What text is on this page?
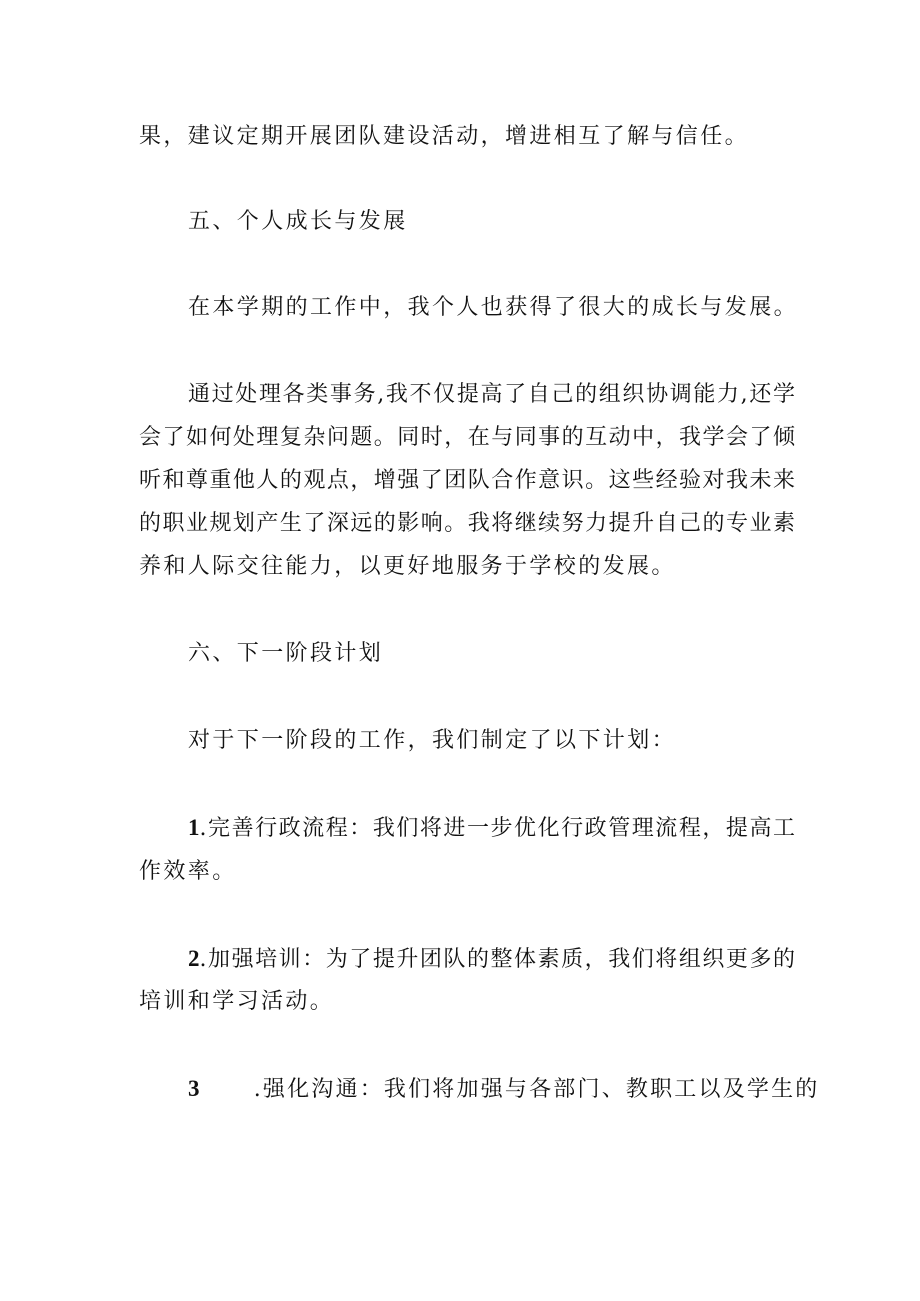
果，建议定期开展团队建设活动，增进相互了解与信任。
五、个人成长与发展
在本学期的工作中，我个人也获得了很大的成长与发展。
通过处理各类事务,我不仅提高了自己的组织协调能力,还学
会了如何处理复杂问题。同时，在与同事的互动中，我学会了倾
听和尊重他人的观点，增强了团队合作意识。这些经验对我未来
的职业规划产生了深远的影响。我将继续努力提升自己的专业素
养和人际交往能力，以更好地服务于学校的发展。
六、下一阶段计划
对于下一阶段的工作，我们制定了以下计划：
1.完善行政流程：我们将进一步优化行政管理流程，提高工
作效率。
2.加强培训：为了提升团队的整体素质，我们将组织更多的
培训和学习活动。
3 .强化沟通：我们将加强与各部门、教职工以及学生的
